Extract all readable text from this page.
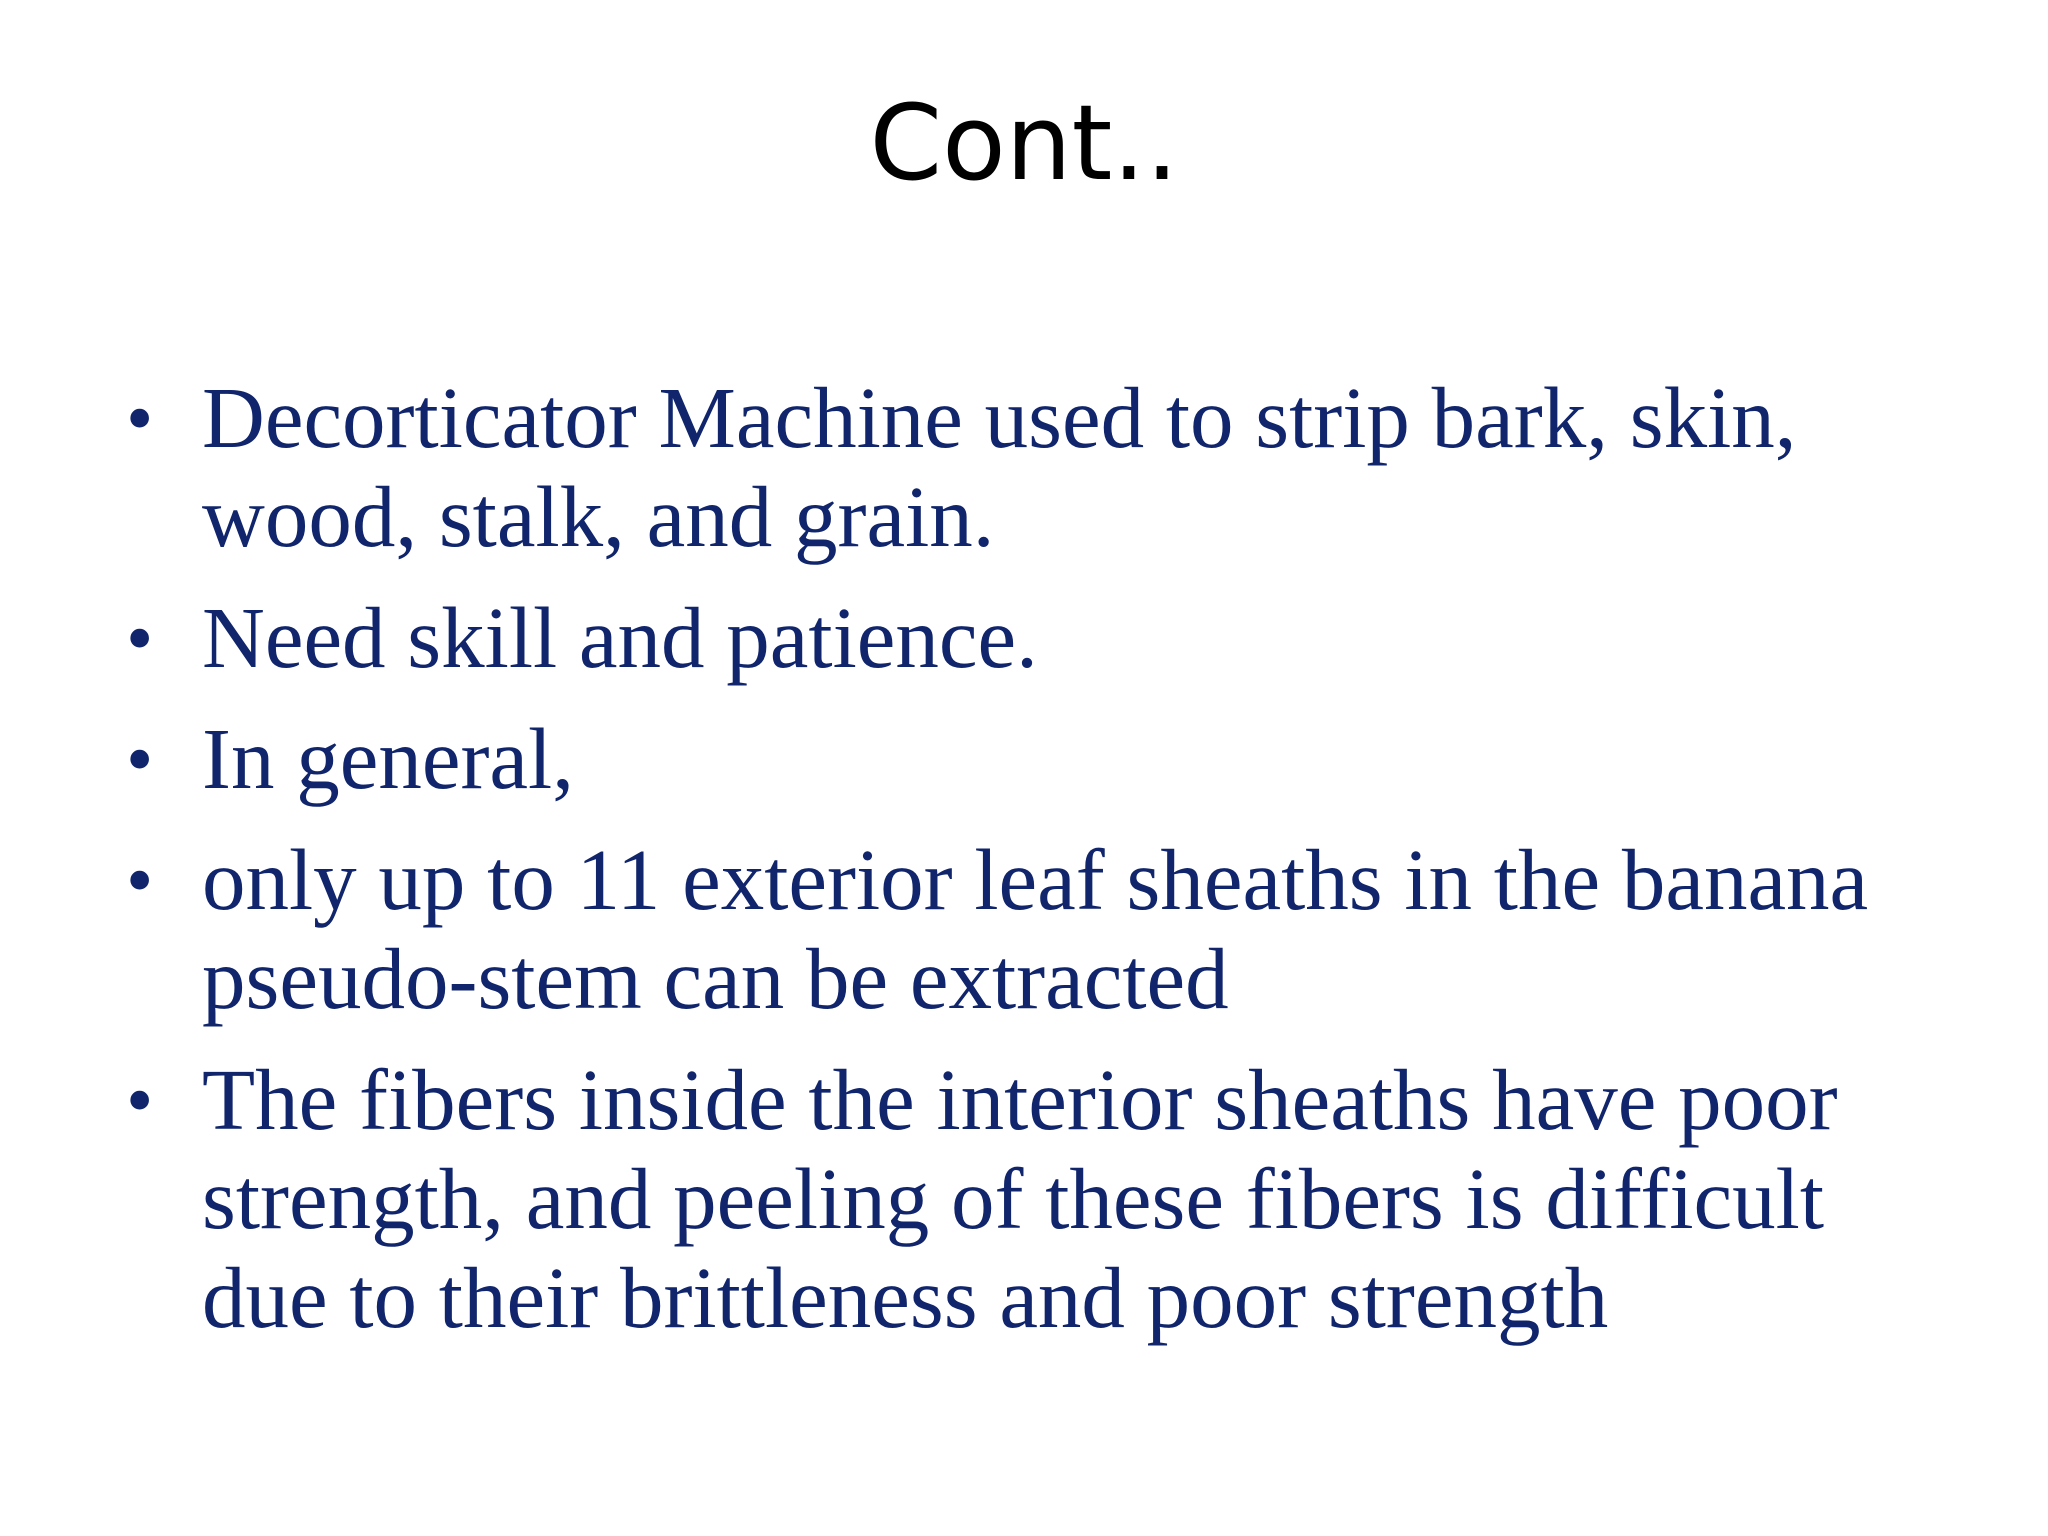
Cont..
• Decorticator Machine used to strip bark, skin, wood, stalk, and grain.
• Need skill and patience.
• In general,
• only up to 11 exterior leaf sheaths in the banana pseudo-stem can be extracted
• The fibers inside the interior sheaths have poor strength, and peeling of these fibers is difficult due to their brittleness and poor strength
